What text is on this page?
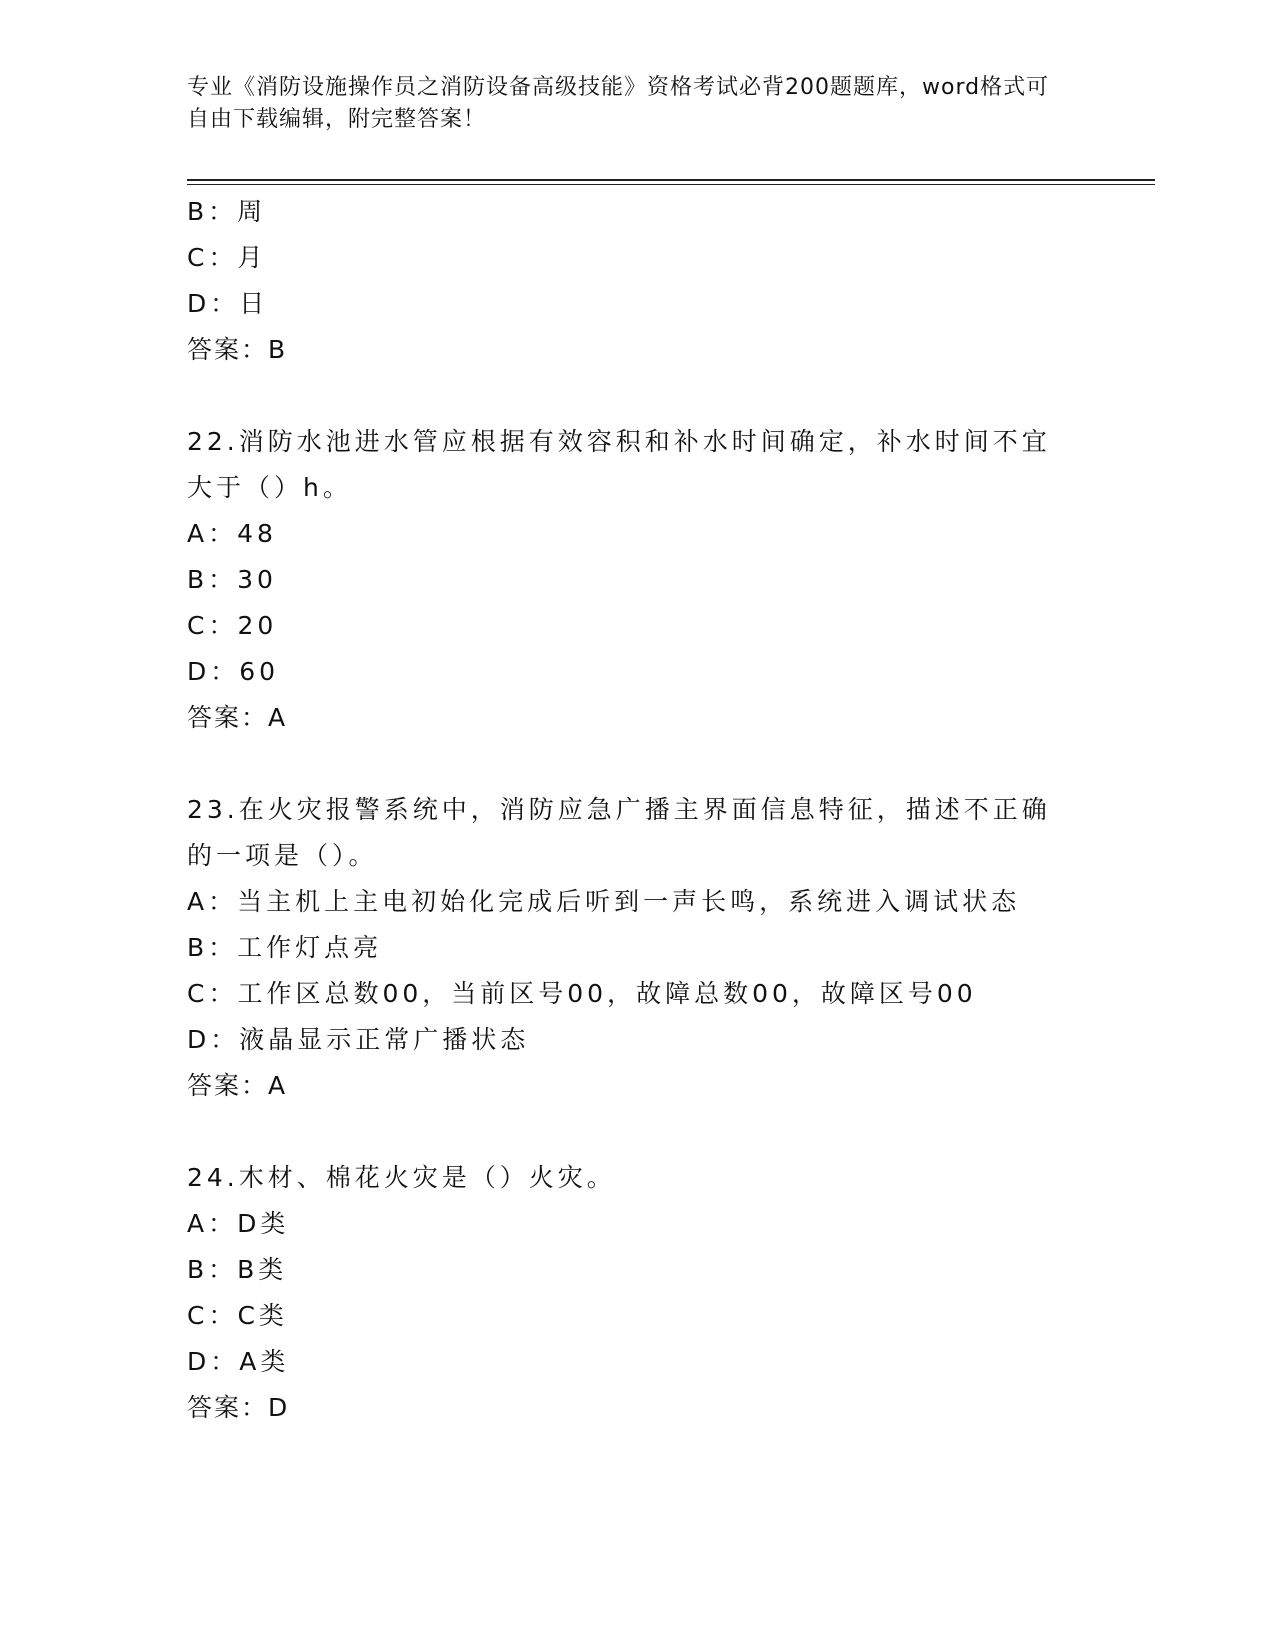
专业《消防设施操作员之消防设备高级技能》资格考试必背200题题库，word格式可自由下载编辑，附完整答案！
B：周
C：月
D：日
答案：B
22.消防水池进水管应根据有效容积和补水时间确定，补水时间不宜大于（）h。
A：48
B：30
C：20
D：60
答案：A
23.在火灾报警系统中，消防应急广播主界面信息特征，描述不正确的一项是（）。
A：当主机上主电初始化完成后听到一声长鸣，系统进入调试状态
B：工作灯点亮
C：工作区总数00，当前区号00，故障总数00，故障区号00
D：液晶显示正常广播状态
答案：A
24.木材、棉花火灾是（）火灾。
A：D类
B：B类
C：C类
D：A类
答案：D
